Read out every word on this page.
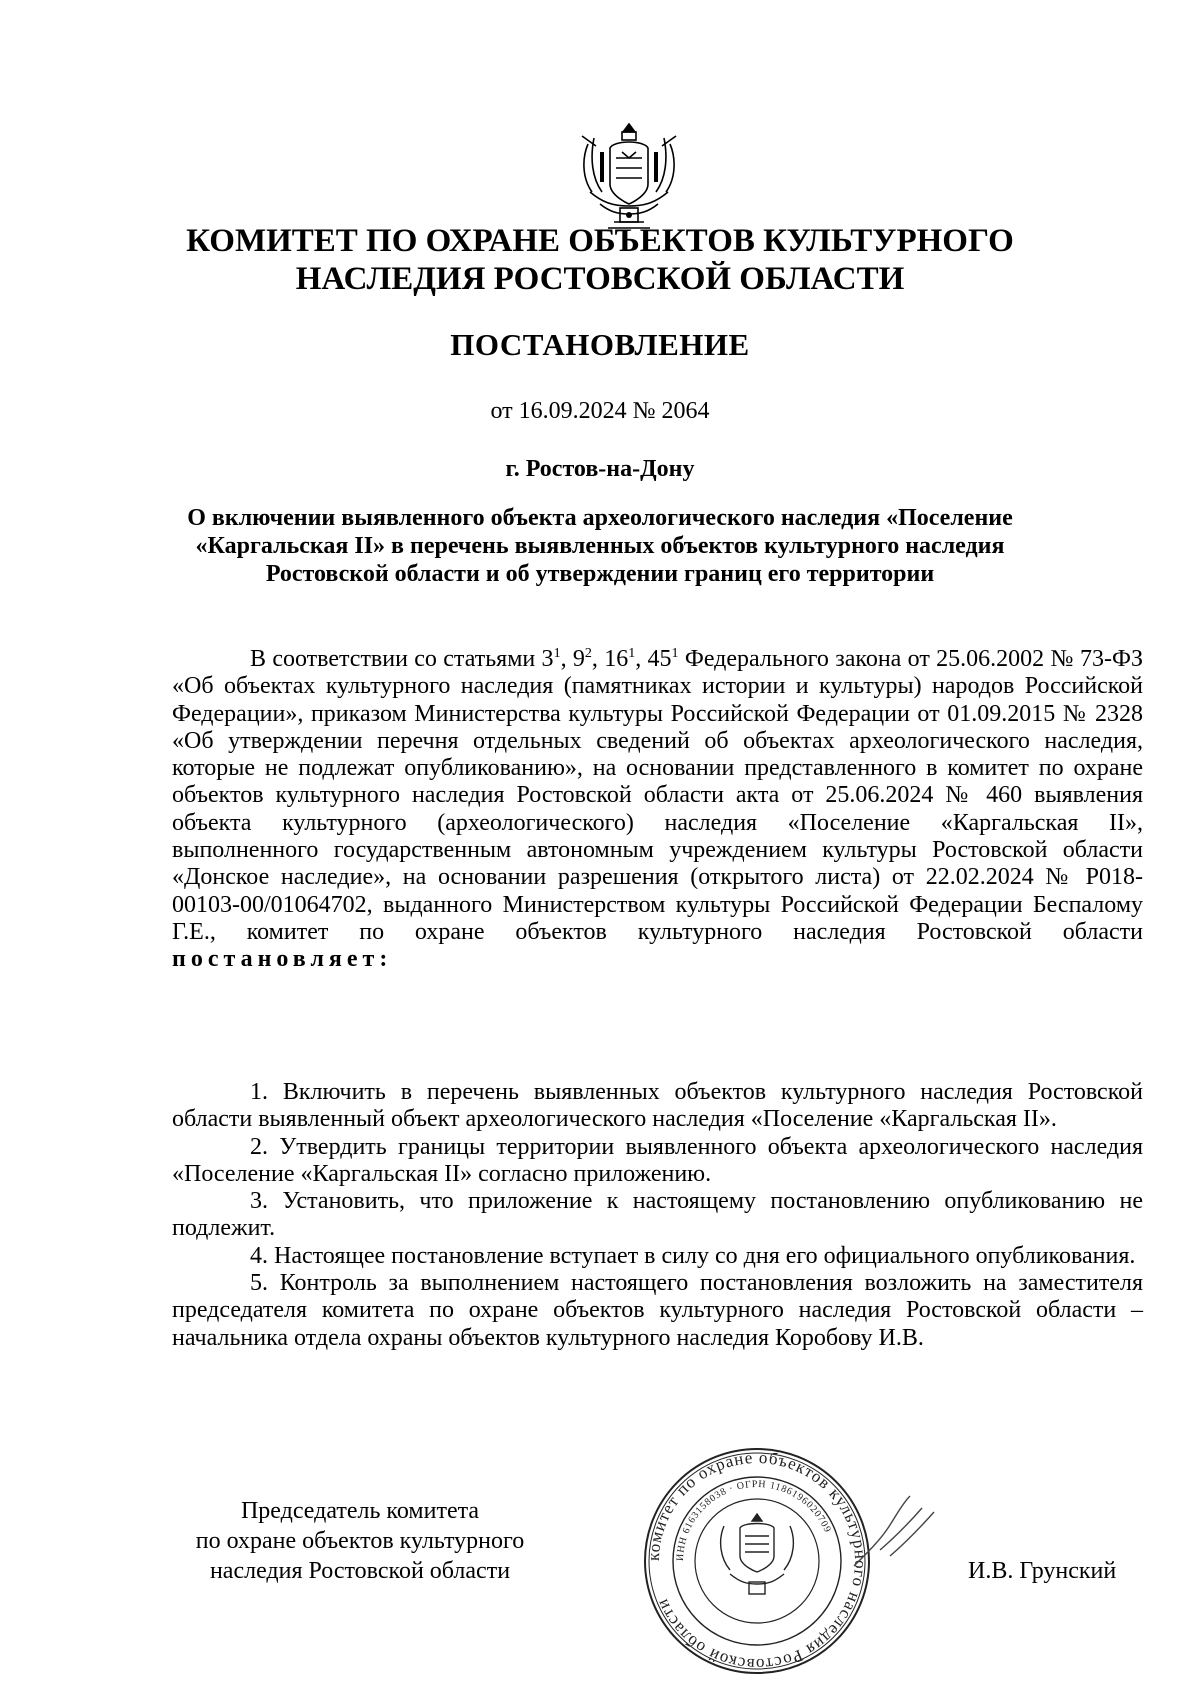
КОМИТЕТ ПО ОХРАНЕ ОБЪЕКТОВ КУЛЬТУРНОГО НАСЛЕДИЯ РОСТОВСКОЙ ОБЛАСТИ
ПОСТАНОВЛЕНИЕ
от 16.09.2024 № 2064
г. Ростов-на-Дону
О включении выявленного объекта археологического наследия «Поселение «Каргальская II» в перечень выявленных объектов культурного наследия Ростовской области и об утверждении границ его территории
В соответствии со статьями $3^1$, $9^2$, $16^1$, $45^1$ Федерального закона от 25.06.2002 № 73-ФЗ «Об объектах культурного наследия (памятниках истории и культуры) народов Российской Федерации», приказом Министерства культуры Российской Федерации от 01.09.2015 № 2328 «Об утверждении перечня отдельных сведений об объектах археологического наследия, которые не подлежат опубликованию», на основании представленного в комитет по охране объектов культурного наследия Ростовской области акта от 25.06.2024 № 460 выявления объекта культурного (археологического) наследия «Поселение «Каргальская II», выполненного государственным автономным учреждением культуры Ростовской области «Донское наследие», на основании разрешения (открытого листа) от 22.02.2024 № Р018-00103-00/01064702, выданного Министерством культуры Российской Федерации Беспалому Г.Е., комитет по охране объектов культурного наследия Ростовской области постановляет:

1. Включить в перечень выявленных объектов культурного наследия Ростовской области выявленный объект археологического наследия «Поселение «Каргальская II».

2. Утвердить границы территории выявленного объекта археологического наследия «Поселение «Каргальская II» согласно приложению.

3. Установить, что приложение к настоящему постановлению опубликованию не подлежит.

4. Настоящее постановление вступает в силу со дня его официального опубликования.

5. Контроль за выполнением настоящего постановления возложить на заместителя председателя комитета по охране объектов культурного наследия Ростовской области – начальника отдела охраны объектов культурного наследия Коробову И.В.

Председатель комитета
по охране объектов культурного
наследия Ростовской области
комитет по охране объектов культурного наследия Ростовской области
ИНН 6163158038 · ОГРН 1186196020709
И.В. Грунский
